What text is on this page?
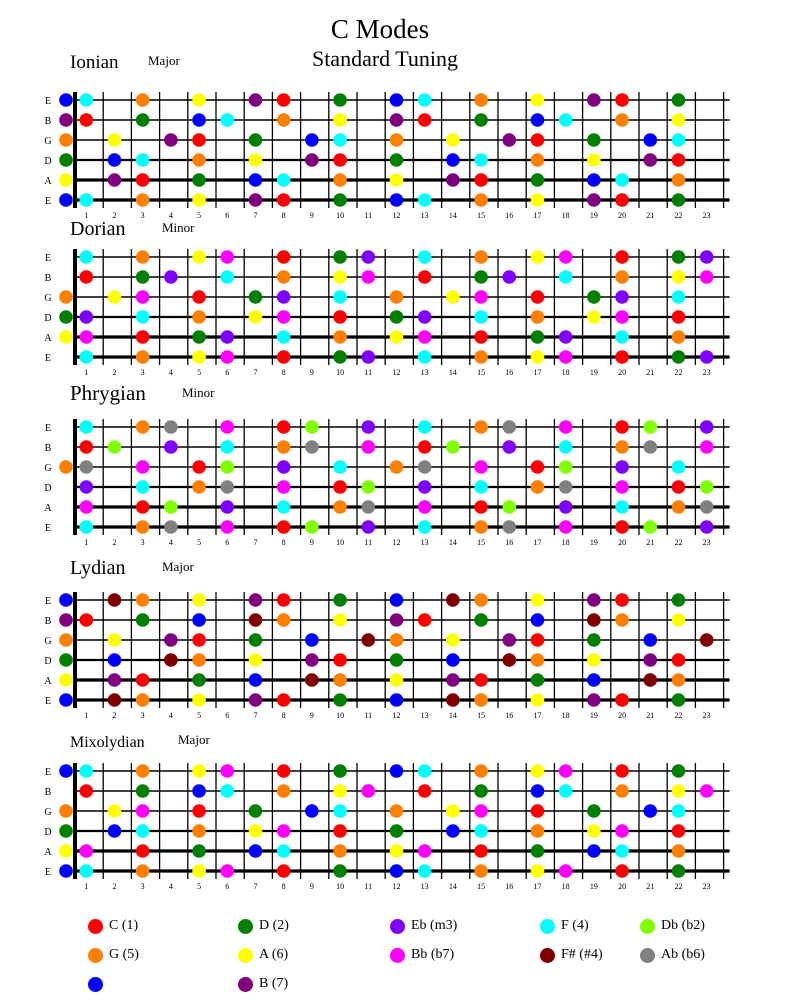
C Modes
Standard Tuning
Ionian Major
E
B
G
D
A
E
1	2	3	4	5	6	7	8	9	10	11	12	13	14	15	16	17	18	19	20	21	22	23
Dorian	Minor
E
B
G
D
A
E
1	2	3	4	5	6	7	8	9	10	11	12	13	14	15	16	17	18	19	20	21	22	23
Phrygian	Minor
E
B
G
D
A
E
1	2	3	4	5	6	7	8	9	10	11	12	13	14	15	16	17	18	19	20	21	22	23
Lydian	Major
E
B
G
D
A
E
1	2	3	4	5	6	7	8	9	10	11	12	13	14	15	16	17	18	19	20	21	22	23
Mixolydian	Major
E
B
G
D
A
E
1	2	3	4	5	6	7	8	9	10	11	12	13	14	15	16	17	18	19	20	21	22	23
C (1)	D (2)	Eb (m3)	F (4)	Db (b2)
G (5)	A (6)	Bb (b7)	F# (#4)	Ab (b6)
B (7)
